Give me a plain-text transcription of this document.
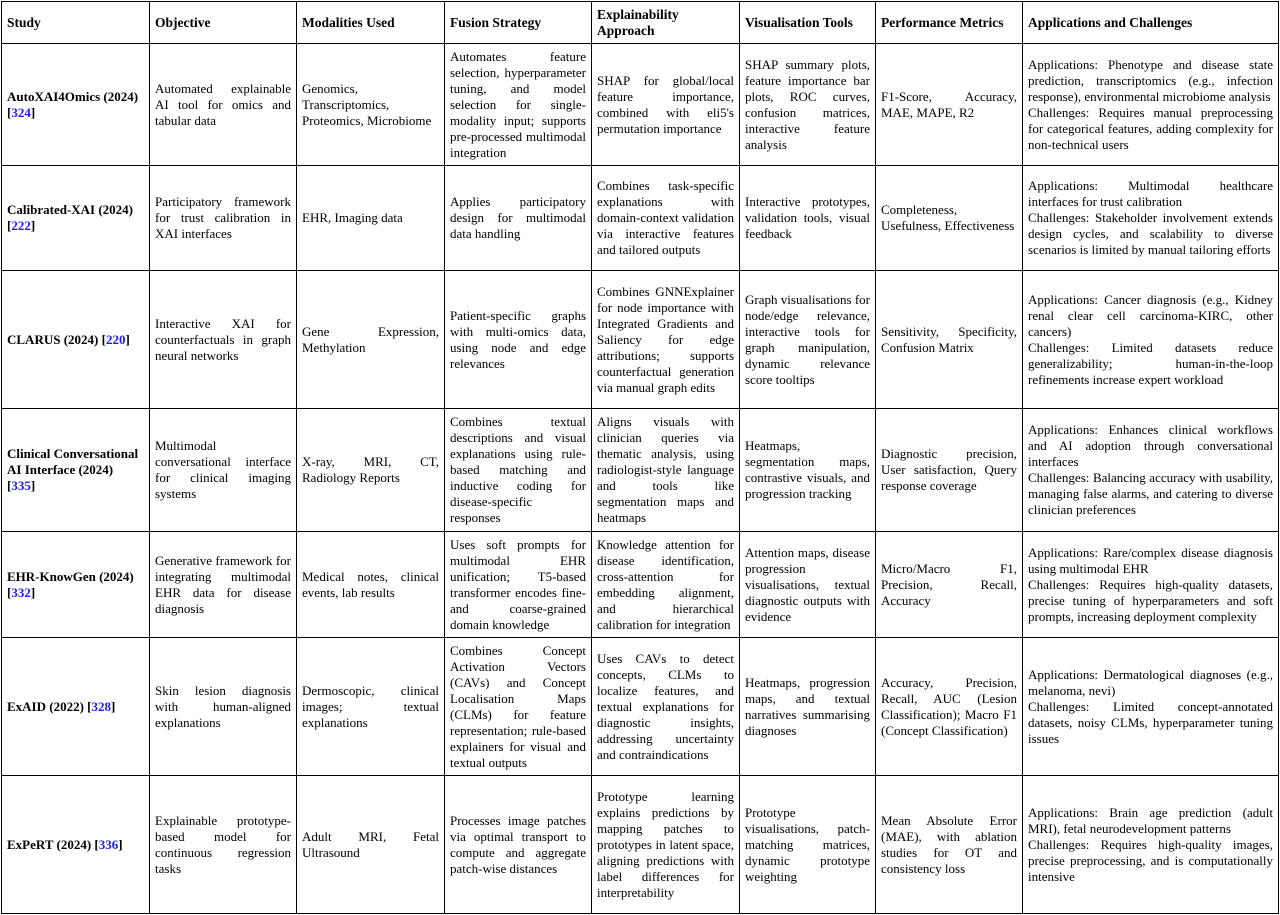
Study	Objective	Modalities Used	Fusion Strategy	Explainability Approach	Visualisation Tools	Performance Metrics	Applications and Challenges
AutoXAI4Omics (2024) [324]	Automated explainable AI tool for omics and tabular data	Genomics, Transcriptomics, Proteomics, Microbiome	Automates feature selection, hyperparameter tuning, and model selection for single-modality input; supports pre-processed multimodal integration	SHAP for global/local feature importance, combined with eli5's permutation importance	SHAP summary plots, feature importance bar plots, ROC curves, confusion matrices, interactive feature analysis	F1-Score, Accuracy, MAE, MAPE, R2	Applications: Phenotype and disease state prediction, transcriptomics (e.g., infection response), environmental microbiome analysis
Challenges: Requires manual preprocessing for categorical features, adding complexity for non-technical users

Calibrated-XAI (2024) [222]	Participatory framework for trust calibration in XAI interfaces	EHR, Imaging data	Applies participatory design for multimodal data handling	Combines task-specific explanations with domain-context validation via interactive features and tailored outputs	Interactive prototypes, validation tools, visual feedback	Completeness, Usefulness, Effectiveness	Applications: Multimodal healthcare interfaces for trust calibration
Challenges: Stakeholder involvement extends design cycles, and scalability to diverse scenarios is limited by manual tailoring efforts

CLARUS (2024) [220]	Interactive XAI for counterfactuals in graph neural networks	Gene Expression, Methylation	Patient-specific graphs with multi-omics data, using node and edge relevances	Combines GNNExplainer for node importance with Integrated Gradients and Saliency for edge attributions; supports counterfactual generation via manual graph edits	Graph visualisations for node/edge relevance, interactive tools for graph manipulation, dynamic relevance score tooltips	Sensitivity, Specificity, Confusion Matrix	Applications: Cancer diagnosis (e.g., Kidney renal clear cell carcinoma-KIRC, other cancers)
Challenges: Limited datasets reduce generalizability; human-in-the-loop refinements increase expert workload

Clinical Conversational AI Interface (2024) [335]	Multimodal conversational interface for clinical imaging systems	X-ray, MRI, CT, Radiology Reports	Combines textual descriptions and visual explanations using rule-based matching and inductive coding for disease-specific responses	Aligns visuals with clinician queries via thematic analysis, using radiologist-style language and tools like segmentation maps and heatmaps	Heatmaps, segmentation maps, contrastive visuals, and progression tracking	Diagnostic precision, User satisfaction, Query response coverage	Applications: Enhances clinical workflows and AI adoption through conversational interfaces
Challenges: Balancing accuracy with usability, managing false alarms, and catering to diverse clinician preferences

EHR-KnowGen (2024) [332]	Generative framework for integrating multimodal EHR data for disease diagnosis	Medical notes, clinical events, lab results	Uses soft prompts for multimodal EHR unification; T5-based transformer encodes fine- and coarse-grained domain knowledge	Knowledge attention for disease identification, cross-attention for embedding alignment, and hierarchical calibration for integration	Attention maps, disease progression visualisations, textual diagnostic outputs with evidence	Micro/Macro F1, Precision, Recall, Accuracy	Applications: Rare/complex disease diagnosis using multimodal EHR
Challenges: Requires high-quality datasets, precise tuning of hyperparameters and soft prompts, increasing deployment complexity

ExAID (2022) [328]	Skin lesion diagnosis with human-aligned explanations	Dermoscopic, clinical images; textual explanations	Combines Concept Activation Vectors (CAVs) and Concept Localisation Maps (CLMs) for feature representation; rule-based explainers for visual and textual outputs	Uses CAVs to detect concepts, CLMs to localize features, and textual explanations for diagnostic insights, addressing uncertainty and contraindications	Heatmaps, progression maps, and textual narratives summarising diagnoses	Accuracy, Precision, Recall, AUC (Lesion Classification); Macro F1 (Concept Classification)	Applications: Dermatological diagnoses (e.g., melanoma, nevi)
Challenges: Limited concept-annotated datasets, noisy CLMs, hyperparameter tuning issues

ExPeRT (2024) [336]	Explainable prototype-based model for continuous regression tasks	Adult MRI, Fetal Ultrasound	Processes image patches via optimal transport to compute and aggregate patch-wise distances	Prototype learning explains predictions by mapping patches to prototypes in latent space, aligning predictions with label differences for interpretability	Prototype visualisations, patch-matching matrices, dynamic prototype weighting	Mean Absolute Error (MAE), with ablation studies for OT and consistency loss	Applications: Brain age prediction (adult MRI), fetal neurodevelopment patterns
Challenges: Requires high-quality images, precise preprocessing, and is computationally intensive
